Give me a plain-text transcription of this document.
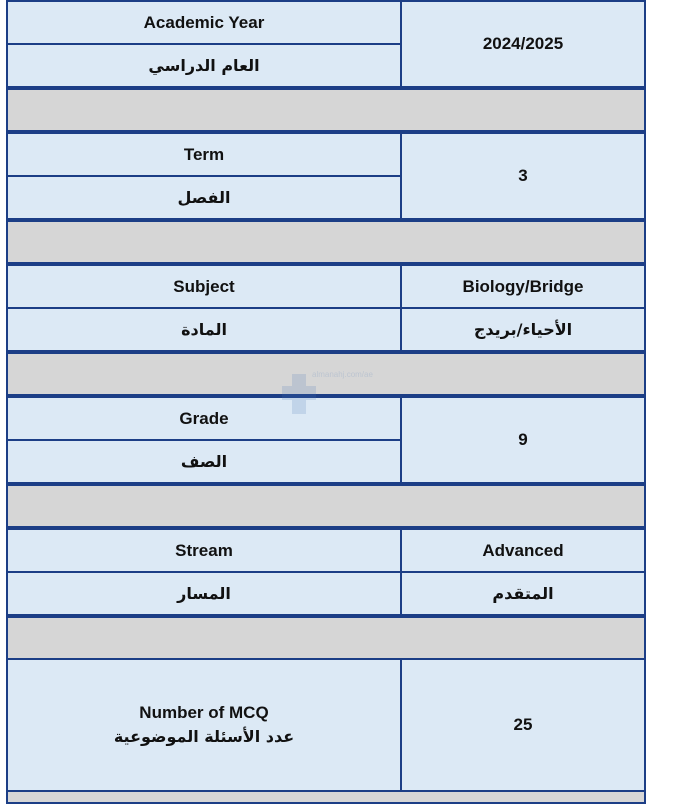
Academic Year
العام الدراسي
2024/2025
Term
الفصل
3
Subject
المادة
Biology/Bridge
الأحياء/بريدج
Grade
الصف
9
Stream
المسار
Advanced
المتقدم
Number of MCQ
عدد الأسئلة الموضوعية
25
